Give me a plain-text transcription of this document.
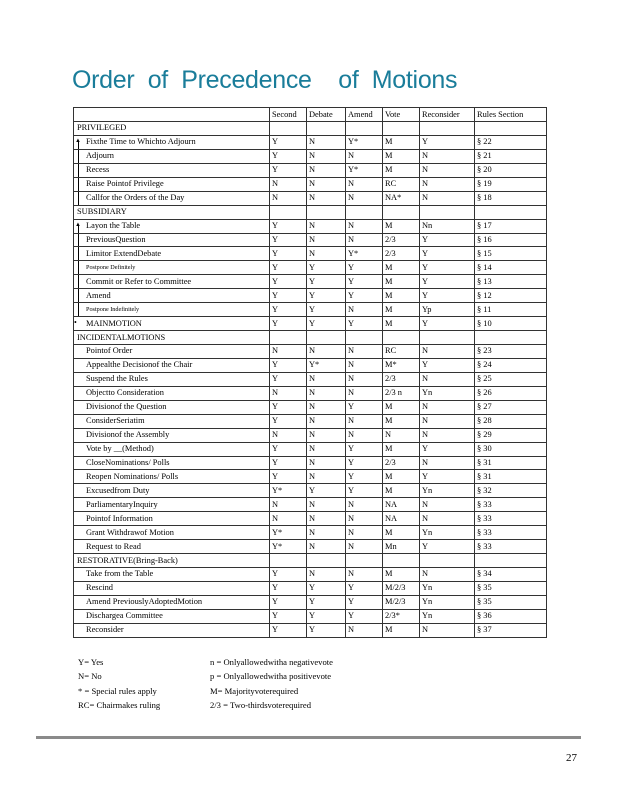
Order  of  Precedence    of  Motions
	Second	Debate	Amend	Vote	Reconsider	Rules Section
PRIVILEGED						

▲ Fixthe Time to Whichto Adjourn	Y	N	Y*	M	Y	§ 22

Adjourn	Y	N	N	M	N	§ 21

Recess	Y	N	Y*	M	N	§ 20

Raise Pointof Privilege	N	N	N	RC	N	§ 19

Callfor the Orders of the Day	N	N	N	NA*	N	§ 18
SUBSIDIARY						

▲ Layon the Table	Y	N	N	M	Nn	§ 17

PreviousQuestion	Y	N	N	2/3	Y	§ 16

Limitor ExtendDebate	Y	N	Y*	2/3	Y	§ 15

Postpone Definitely	Y	Y	Y	M	Y	§ 14

Commit or Refer to Committee	Y	Y	Y	M	Y	§ 13

Amend	Y	Y	Y	M	Y	§ 12

Postpone Indefinitely	Y	Y	N	M	Yp	§ 11

• MAINMOTION	Y	Y	Y	M	Y	§ 10
INCIDENTALMOTIONS						
Pointof Order	N	N	N	RC	N	§ 23
Appealthe Decisionof the Chair	Y	Y*	N	M*	Y	§ 24
Suspend the Rules	Y	N	N	2/3	N	§ 25
Objectto Consideration	N	N	N	2/3 n	Yn	§ 26
Divisionof the Question	Y	N	Y	M	N	§ 27
ConsiderSeriatim	Y	N	N	M	N	§ 28
Divisionof the Assembly	N	N	N	N	N	§ 29
Vote by __(Method)	Y	N	Y	M	Y	§ 30
CloseNominations/ Polls	Y	N	Y	2/3	N	§ 31
Reopen Nominations/ Polls	Y	N	Y	M	Y	§ 31
Excusedfrom Duty	Y*	Y	Y	M	Yn	§ 32
ParliamentaryInquiry	N	N	N	NA	N	§ 33
Pointof Information	N	N	N	NA	N	§ 33
Grant Withdrawof Motion	Y*	N	N	M	Yn	§ 33
Request to Read	Y*	N	N	Mn	Y	§ 33
RESTORATIVE(Bring-Back)						
Take from the Table	Y	N	N	M	N	§ 34
Rescind	Y	Y	Y	M/2/3	Yn	§ 35
Amend PreviouslyAdoptedMotion	Y	Y	Y	M/2/3	Yn	§ 35
Dischargea Committee	Y	Y	Y	2/3*	Yn	§ 36
Reconsider	Y	Y	N	M	N	§ 37
Y= Yes	n = Onlyallowedwitha negativevote
N= No	p = Onlyallowedwitha positivevote
* = Special rules apply	M= Majorityvoterequired
RC= Chairmakes ruling	2/3 = Two-thirdsvoterequired
27
